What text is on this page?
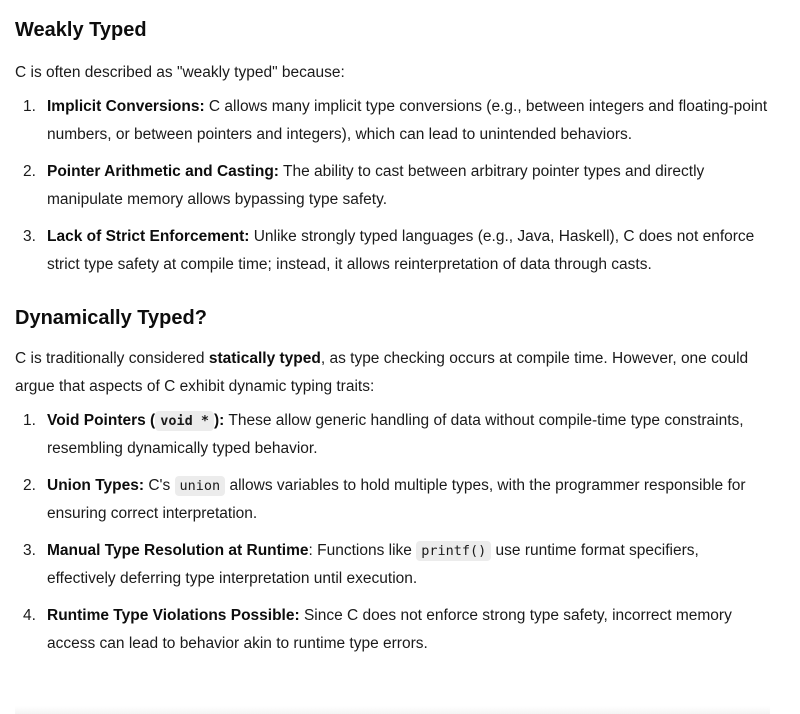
Weakly Typed

C is often described as "weakly typed" because:

1. Implicit Conversions: C allows many implicit type conversions (e.g., between integers and floating-point numbers, or between pointers and integers), which can lead to unintended behaviors.
2. Pointer Arithmetic and Casting: The ability to cast between arbitrary pointer types and directly manipulate memory allows bypassing type safety.
3. Lack of Strict Enforcement: Unlike strongly typed languages (e.g., Java, Haskell), C does not enforce strict type safety at compile time; instead, it allows reinterpretation of data through casts.
Dynamically Typed?

C is traditionally considered statically typed, as type checking occurs at compile time. However, one could argue that aspects of C exhibit dynamic typing traits:

1. Void Pointers ( void * ): These allow generic handling of data without compile-time type constraints, resembling dynamically typed behavior.
2. Union Types: C's union allows variables to hold multiple types, with the programmer responsible for ensuring correct interpretation.
3. Manual Type Resolution at Runtime: Functions like printf() use runtime format specifiers, effectively deferring type interpretation until execution.
4. Runtime Type Violations Possible: Since C does not enforce strong type safety, incorrect memory access can lead to behavior akin to runtime type errors.
